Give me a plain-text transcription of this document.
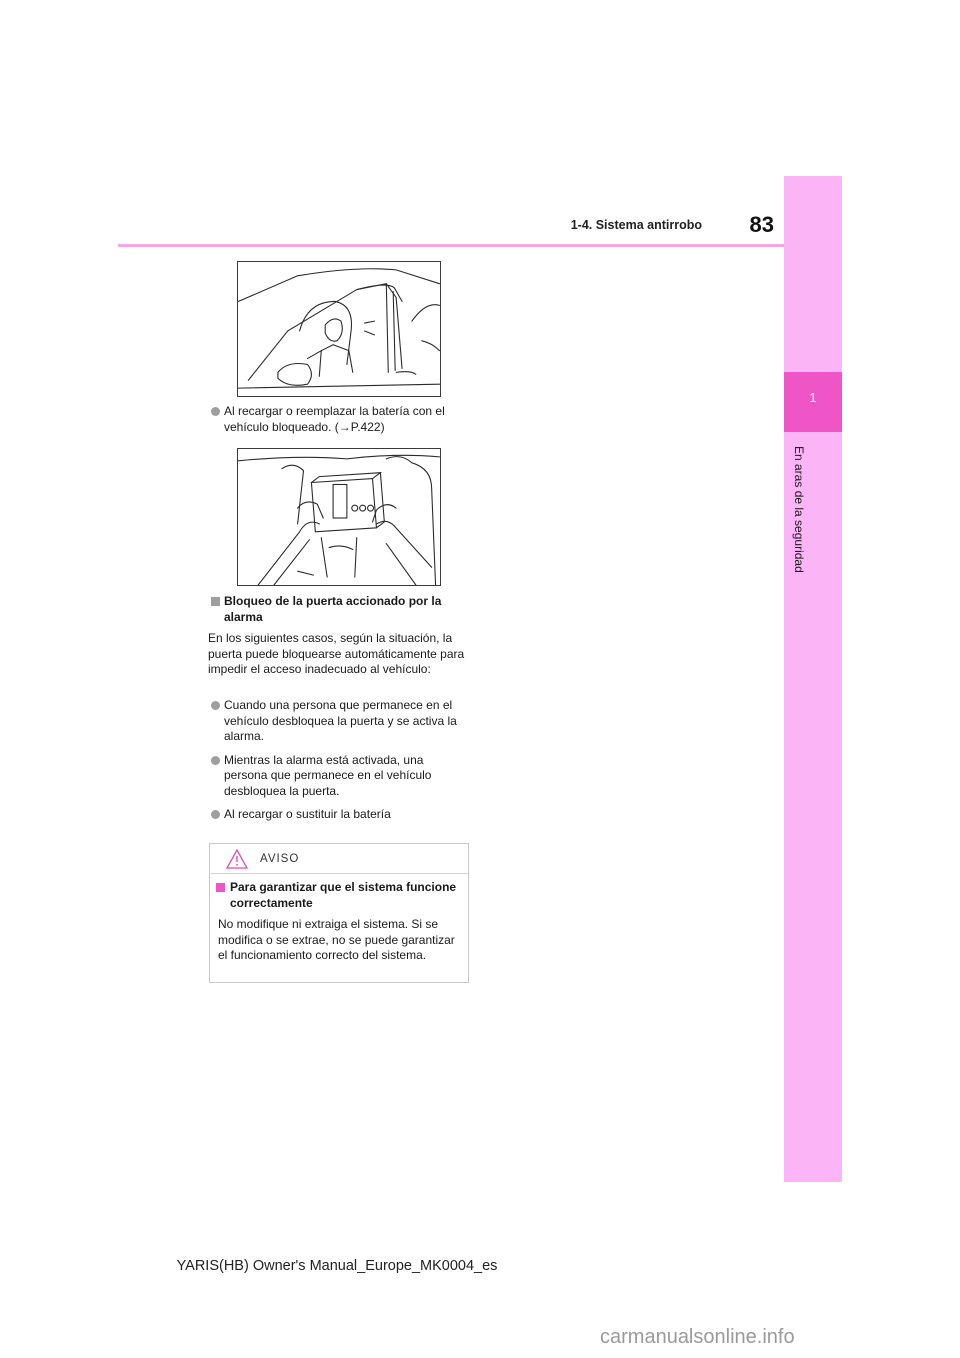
1
En aras de la seguridad
1-4. Sistema antirrobo	83
Al recargar o reemplazar la batería con el vehículo bloqueado. (→P.422)
Bloqueo de la puerta accionado por la alarma
En los siguientes casos, según la situación, la puerta puede bloquearse automáticamente para impedir el acceso inadecuado al vehículo:
Cuando una persona que permanece en el vehículo desbloquea la puerta y se activa la alarma.
Mientras la alarma está activada, una persona que permanece en el vehículo desbloquea la puerta.
Al recargar o sustituir la batería
AVISO
Para garantizar que el sistema funcione correctamente
No modifique ni extraiga el sistema. Si se modifica o se extrae, no se puede garantizar el funcionamiento correcto del sistema.
YARIS(HB) Owner's Manual_Europe_MK0004_es
carmanualsonline.info
